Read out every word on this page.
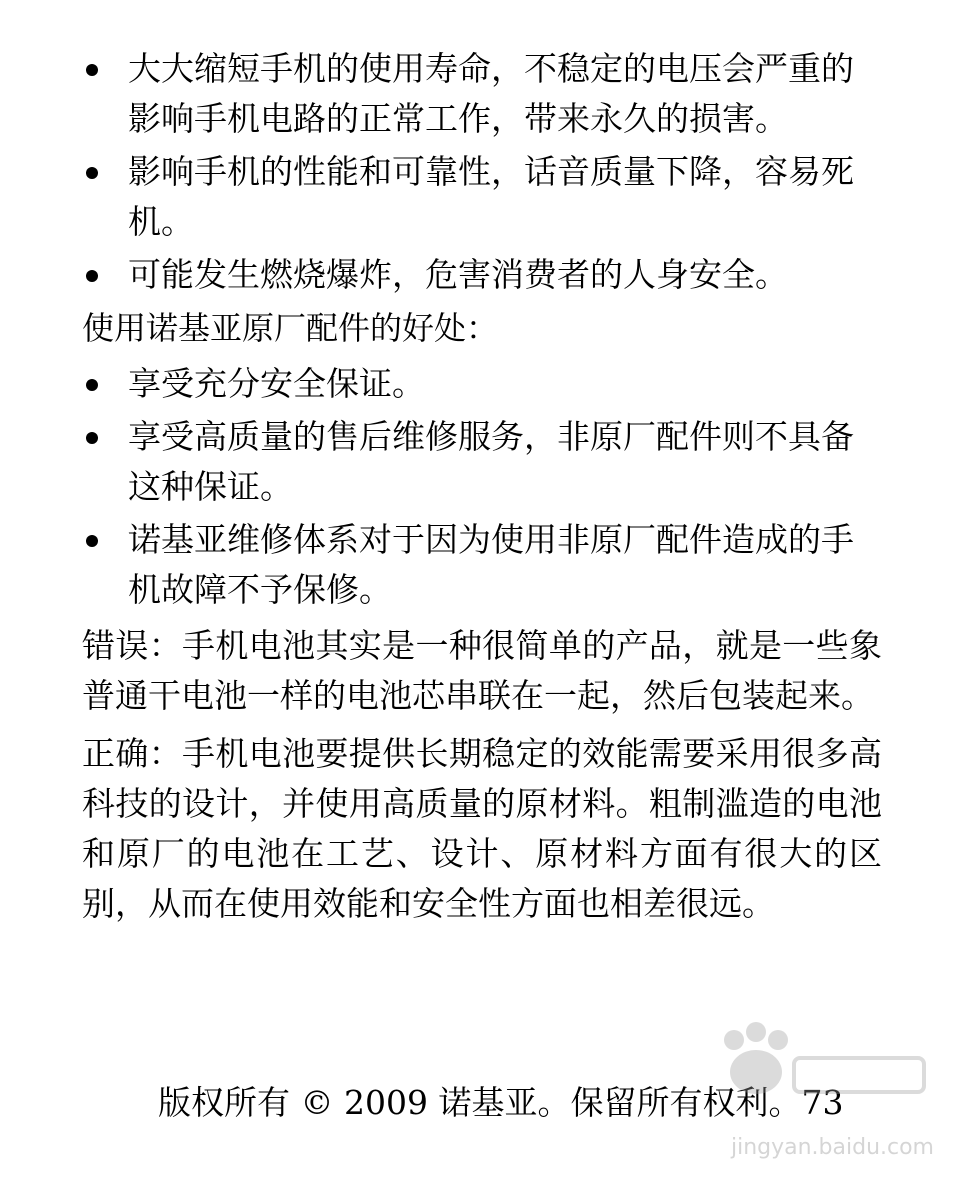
大大缩短手机的使用寿命，不稳定的电压会严重的影响手机电路的正常工作，带来永久的损害。
影响手机的性能和可靠性，话音质量下降，容易死机。
可能发生燃烧爆炸，危害消费者的人身安全。
使用诺基亚原厂配件的好处：
享受充分安全保证。
享受高质量的售后维修服务，非原厂配件则不具备这种保证。
诺基亚维修体系对于因为使用非原厂配件造成的手机故障不予保修。

错误：手机电池其实是一种很简单的产品，就是一些象普通干电池一样的电池芯串联在一起，然后包装起来。

正确：手机电池要提供长期稳定的效能需要采用很多高科技的设计，并使用高质量的原材料。粗制滥造的电池和原厂的电池在工艺、设计、原材料方面有很大的区别，从而在使用效能和安全性方面也相差很远。

版权所有 © 2009 诺基亚。保留所有权利。73
jingyan.baidu.com
